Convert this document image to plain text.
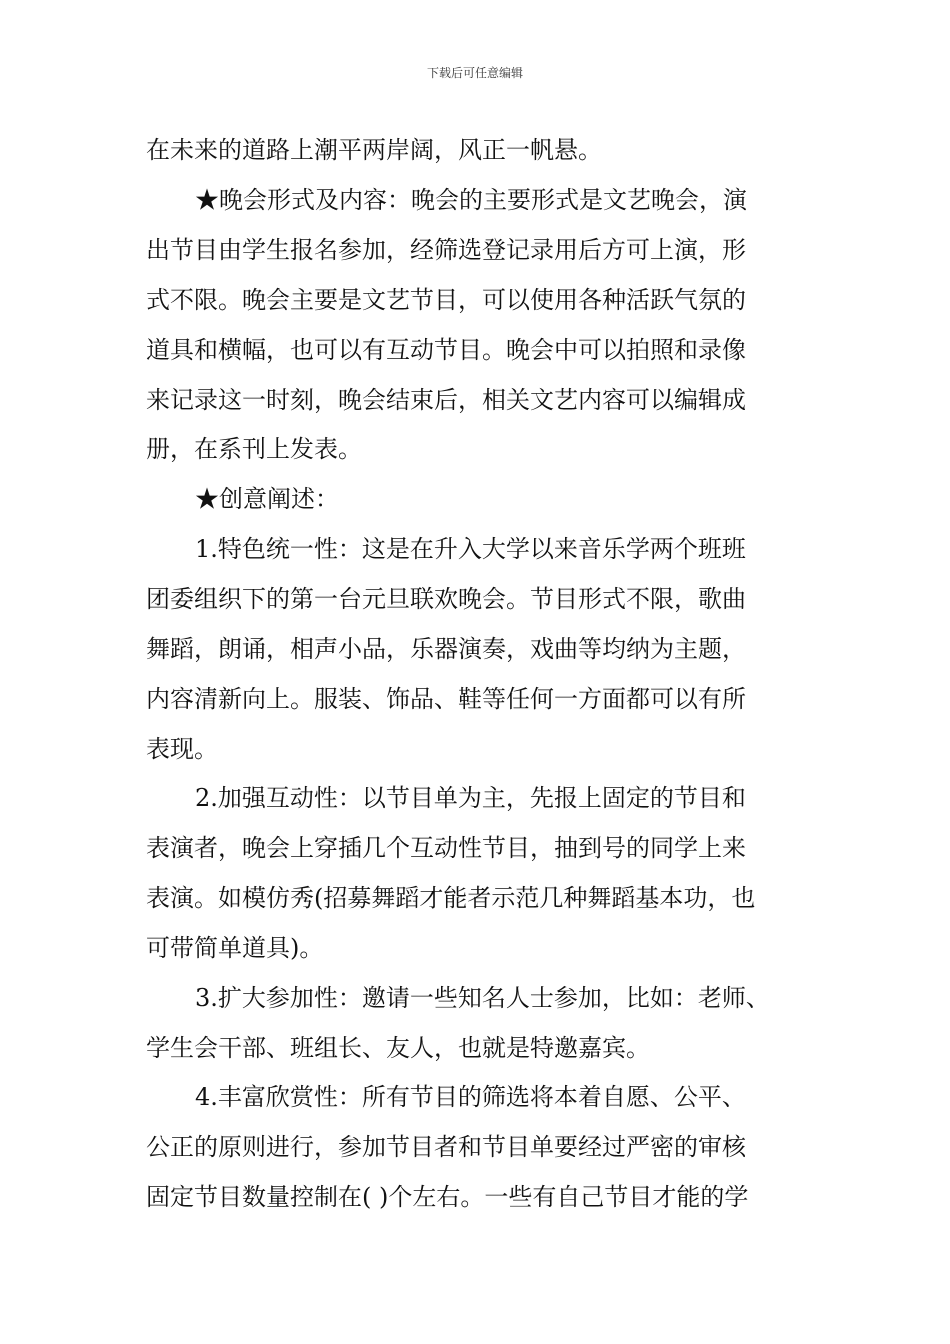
下载后可任意编辑
在未来的道路上潮平两岸阔，风正一帆悬。
★晚会形式及内容：晚会的主要形式是文艺晚会，演
出节目由学生报名参加，经筛选登记录用后方可上演，形
式不限。晚会主要是文艺节目，可以使用各种活跃气氛的
道具和横幅，也可以有互动节目。晚会中可以拍照和录像
来记录这一时刻，晚会结束后，相关文艺内容可以编辑成
册，在系刊上发表。
★创意阐述：
1.特色统一性：这是在升入大学以来音乐学两个班班
团委组织下的第一台元旦联欢晚会。节目形式不限，歌曲
舞蹈，朗诵，相声小品，乐器演奏，戏曲等均纳为主题，
内容清新向上。服装、饰品、鞋等任何一方面都可以有所
表现。
2.加强互动性：以节目单为主，先报上固定的节目和
表演者，晚会上穿插几个互动性节目，抽到号的同学上来
表演。如模仿秀(招募舞蹈才能者示范几种舞蹈基本功，也
可带简单道具)。
3.扩大参加性：邀请一些知名人士参加，比如：老师、
学生会干部、班组长、友人，也就是特邀嘉宾。
4.丰富欣赏性：所有节目的筛选将本着自愿、公平、
公正的原则进行，参加节目者和节目单要经过严密的审核
固定节目数量控制在( )个左右。一些有自己节目才能的学
